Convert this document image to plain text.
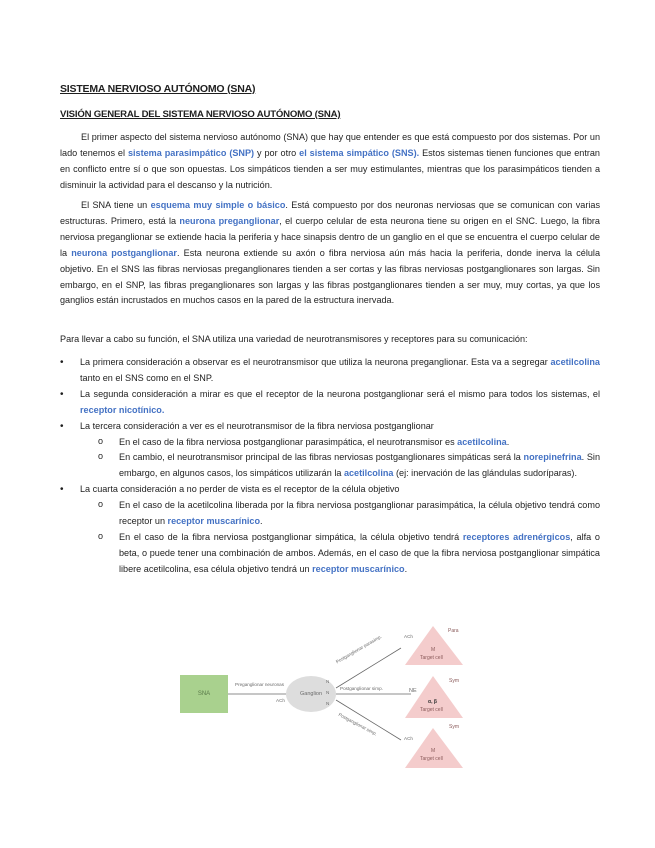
SISTEMA NERVIOSO AUTÓNOMO (SNA)
VISIÓN GENERAL DEL SISTEMA NERVIOSO AUTÓNOMO (SNA)

El primer aspecto del sistema nervioso autónomo (SNA) que hay que entender es que está compuesto por dos sistemas. Por un lado tenemos el sistema parasimpático (SNP) y por otro el sistema simpático (SNS). Estos sistemas tienen funciones que entran en conflicto entre sí o que son opuestas. Los simpáticos tienden a ser muy estimulantes, mientras que los parasimpáticos tienden a disminuir la actividad para el descanso y la nutrición.

El SNA tiene un esquema muy simple o básico. Está compuesto por dos neuronas nerviosas que se comunican con varias estructuras. Primero, está la neurona preganglionar, el cuerpo celular de esta neurona tiene su origen en el SNC. Luego, la fibra nerviosa preganglionar se extiende hacia la periferia y hace sinapsis dentro de un ganglio en el que se encuentra el cuerpo celular de la neurona postganglionar. Esta neurona extiende su axón o fibra nerviosa aún más hacia la periferia, donde inerva la célula objetivo. En el SNS las fibras nerviosas preganglionares tienden a ser cortas y las fibras nerviosas postganglionares son largas. Sin embargo, en el SNP, las fibras preganglionares son largas y las fibras postganglionares tienden a ser muy, muy cortas, ya que los ganglios están incrustados en muchos casos en la pared de la estructura inervada.

Para llevar a cabo su función, el SNA utiliza una variedad de neurotransmisores y receptores para su comunicación:

• La primera consideración a observar es el neurotransmisor que utiliza la neurona preganglionar. Esta va a segregar acetilcolina tanto en el SNS como en el SNP.
• La segunda consideración a mirar es que el receptor de la neurona postganglionar será el mismo para todos los sistemas, el receptor nicotínico.
• La tercera consideración a ver es el neurotransmisor de la fibra nerviosa postganglionar
o En el caso de la fibra nerviosa postganglionar parasimpática, el neurotransmisor es acetilcolina.
o En cambio, el neurotransmisor principal de las fibras nerviosas postganglionares simpáticas será la norepinefrina. Sin embargo, en algunos casos, los simpáticos utilizarán la acetilcolina (ej: inervación de las glándulas sudoríparas).
• La cuarta consideración a no perder de vista es el receptor de la célula objetivo
o En el caso de la acetilcolina liberada por la fibra nerviosa postganglionar parasimpática, la célula objetivo tendrá como receptor un receptor muscarínico.
o En el caso de la fibra nerviosa postganglionar simpática, la célula objetivo tendrá receptores adrenérgicos, alfa o beta, o puede tener una combinación de ambos. Además, en el caso de que la fibra nerviosa postganglionar simpática libere acetilcolina, esa célula objetivo tendrá un receptor muscarínico.
SNA
Preganglionar neuronas
ACh
Ganglion
N
N
N
Postganglionar parasimp.
Postganglionar simp.
Postganglionar simp.
ACh
NE
ACh
Para
Sym
Sym
M
Target cell
α, β
Target cell
M
Target cell
